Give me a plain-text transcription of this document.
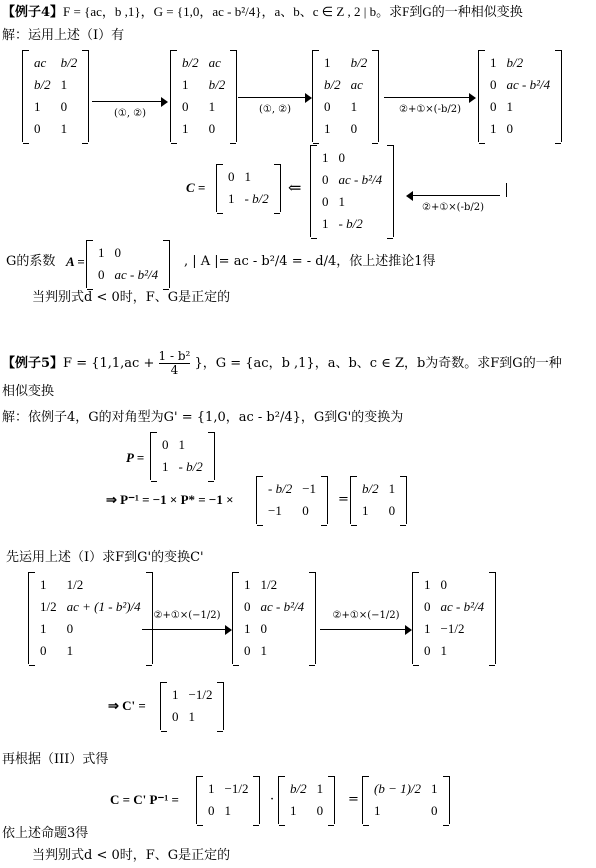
【例子4】F = {ac，b ,1}，G = {1,0，ac - b²/4}，a、b、c ∈ Z , 2 | b。求F到G的一种相似变换
解：运用上述（I）有
ac	b/2
b/2	1
1	0
0	1
(①, ②)
b/2	ac
1	b/2
0	1
1	0
(①, ②)
1	b/2
b/2	ac
0	1
1	0
②+①×(-b/2)
1	b/2
0	ac - b²/4
0	1
1	0
C =
0	1
1	- b/2
⇐
1	0
0	ac - b²/4
0	1
1	- b/2
②+①×(-b/2)
G的系数 A =
1	0
0	ac - b²/4
, | A |= ac - b²/4 = - d/4，依上述推论1得
当判别式d < 0时，F、G是正定的
【例子5】$F = \{1,1,ac + \frac{\text{1 - b²}}{4}$ }，G = {ac，b ,1}，a、b、c ∈ Z，b为奇数。求F到G的一种
相似变换
解：依例子4，G的对角型为G' = {1,0，ac - b²/4}，G到G'的变换为
P =
0	1
1	- b/2
⇒ P⁻¹ = −1 × P* = −1 ×
- b/2	−1
−1	0
=
b/2	1
1	0
先运用上述（I）求F到G'的变换C'
1	1/2
1/2	ac + (1 - b²)/4
1	0
0	1
②+①×(−1/2)
1	1/2
0	ac - b²/4
1	0
0	1
②+①×(−1/2)
1	0
0	ac - b²/4
1	−1/2
0	1
⇒ C' =
1	−1/2
0	1
再根据（III）式得
C = C' P⁻¹ =
1	−1/2
0	1
·
b/2	1
1	0
=
(b − 1)/2	1
1	0
依上述命题3得
当判别式d < 0时，F、G是正定的
